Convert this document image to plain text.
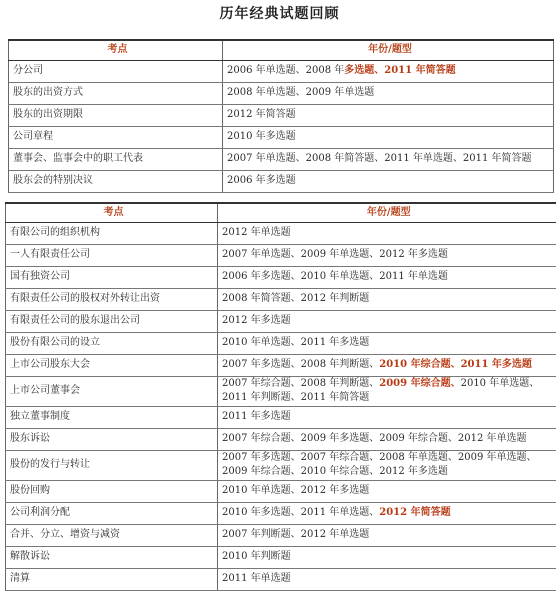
历年经典试题回顾
考点	年份/题型
分公司	2006 年单选题、2008 年多选题、2011 年简答题
股东的出资方式	2008 年单选题、2009 年单选题
股东的出资期限	2012 年简答题
公司章程	2010 年多选题
董事会、监事会中的职工代表	2007 年单选题、2008 年简答题、2011 年单选题、2011 年简答题
股东会的特别决议	2006 年多选题
考点	年份/题型
有限公司的组织机构	2012 年单选题
一人有限责任公司	2007 年单选题、2009 年单选题、2012 年多选题
国有独资公司	2006 年多选题、2010 年单选题、2011 年单选题
有限责任公司的股权对外转让出资	2008 年简答题、2012 年判断题
有限责任公司的股东退出公司	2012 年多选题
股份有限公司的设立	2010 年单选题、2011 年多选题
上市公司股东大会	2007 年多选题、2008 年判断题、2010 年综合题、2011 年多选题
上市公司董事会	2007 年综合题、2008 年判断题、2009 年综合题、2010 年单选题、2011 年判断题、2011 年简答题
独立董事制度	2011 年多选题
股东诉讼	2007 年综合题、2009 年多选题、2009 年综合题、2012 年单选题
股份的发行与转让	2007 年多选题、2007 年综合题、2008 年单选题、2009 年单选题、2009 年综合题、2010 年综合题、2012 年多选题
股份回购	2010 年单选题、2012 年多选题
公司利润分配	2010 年多选题、2011 年单选题、2012 年简答题
合并、分立、增资与减资	2007 年判断题、2012 年单选题
解散诉讼	2010 年判断题
清算	2011 年单选题
